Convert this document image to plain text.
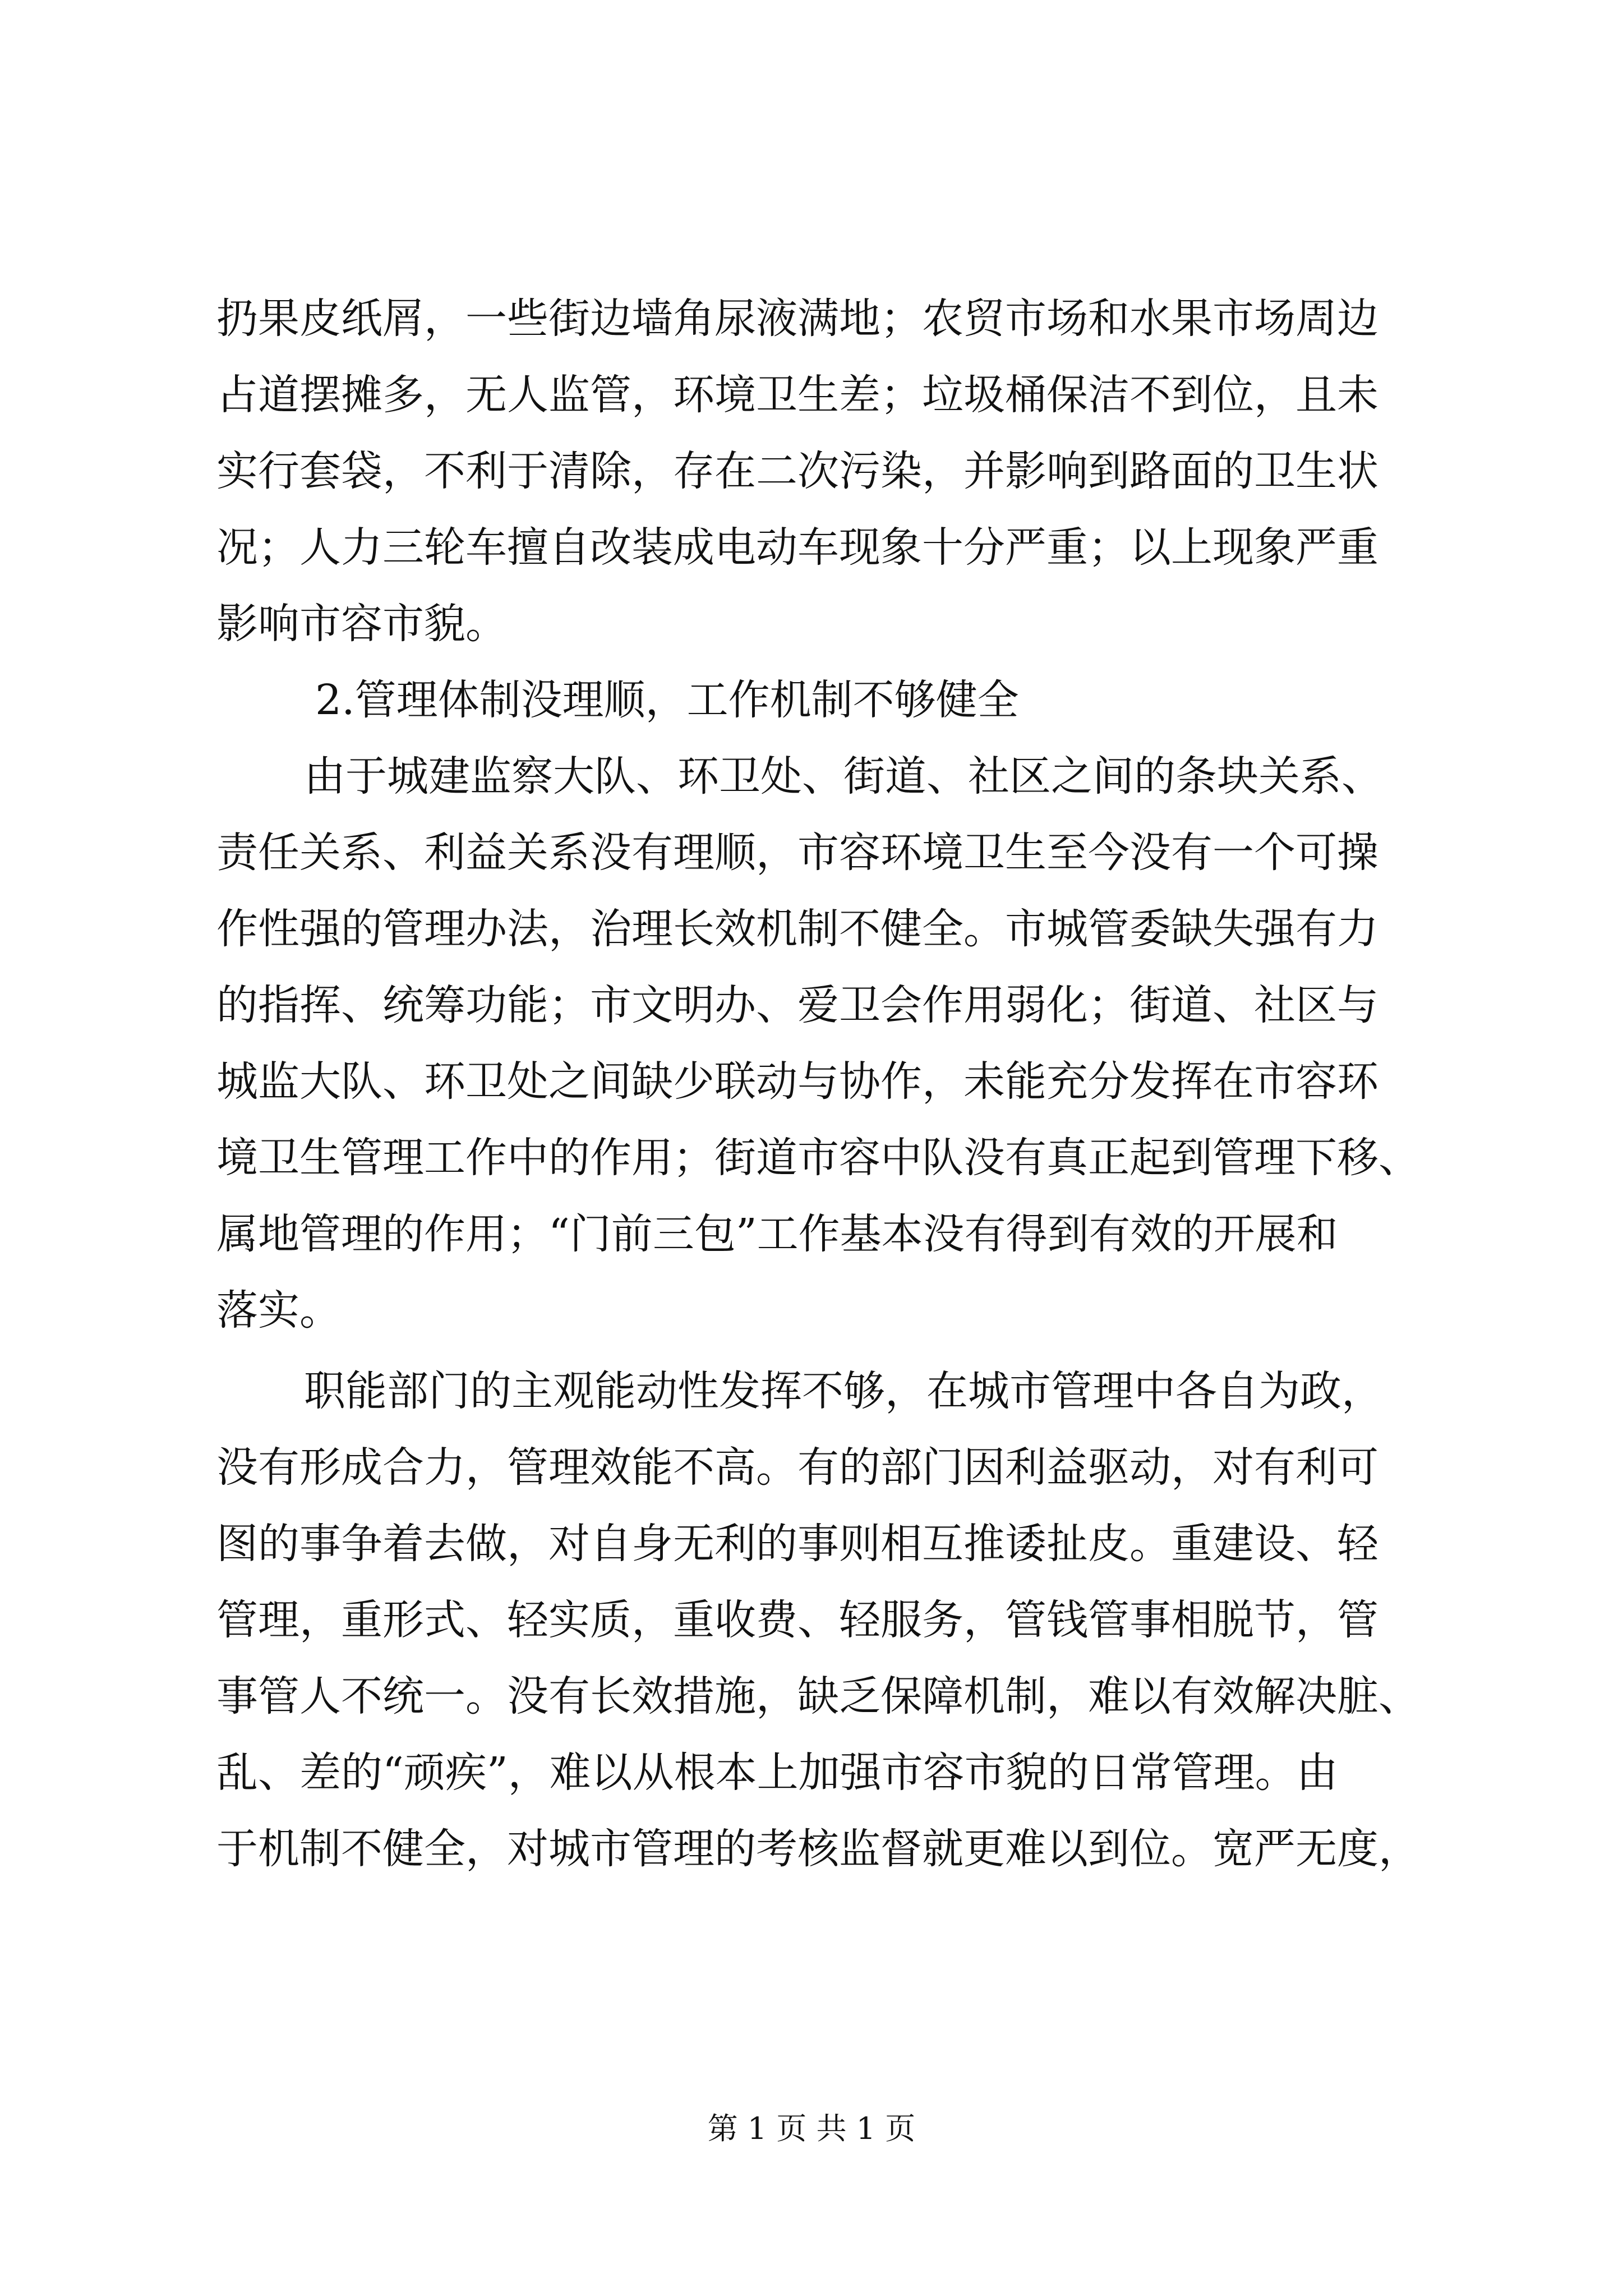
扔果皮纸屑，一些街边墙角尿液满地；农贸市场和水果市场周边
占道摆摊多，无人监管，环境卫生差；垃圾桶保洁不到位，且未
实行套袋，不利于清除，存在二次污染，并影响到路面的卫生状
况；人力三轮车擅自改装成电动车现象十分严重；以上现象严重
影响市容市貌。
2.管理体制没理顺，工作机制不够健全
由于城建监察大队、环卫处、街道、社区之间的条块关系、
责任关系、利益关系没有理顺，市容环境卫生至今没有一个可操
作性强的管理办法，治理长效机制不健全。市城管委缺失强有力
的指挥、统筹功能；市文明办、爱卫会作用弱化；街道、社区与
城监大队、环卫处之间缺少联动与协作，未能充分发挥在市容环
境卫生管理工作中的作用；街道市容中队没有真正起到管理下移、
属地管理的作用；“门前三包”工作基本没有得到有效的开展和
落实。
职能部门的主观能动性发挥不够，在城市管理中各自为政，
没有形成合力，管理效能不高。有的部门因利益驱动，对有利可
图的事争着去做，对自身无利的事则相互推诿扯皮。重建设、轻
管理，重形式、轻实质，重收费、轻服务，管钱管事相脱节，管
事管人不统一。没有长效措施，缺乏保障机制，难以有效解决脏、
乱、差的“顽疾”，难以从根本上加强市容市貌的日常管理。由
于机制不健全，对城市管理的考核监督就更难以到位。宽严无度，
第 1 页 共 1 页
